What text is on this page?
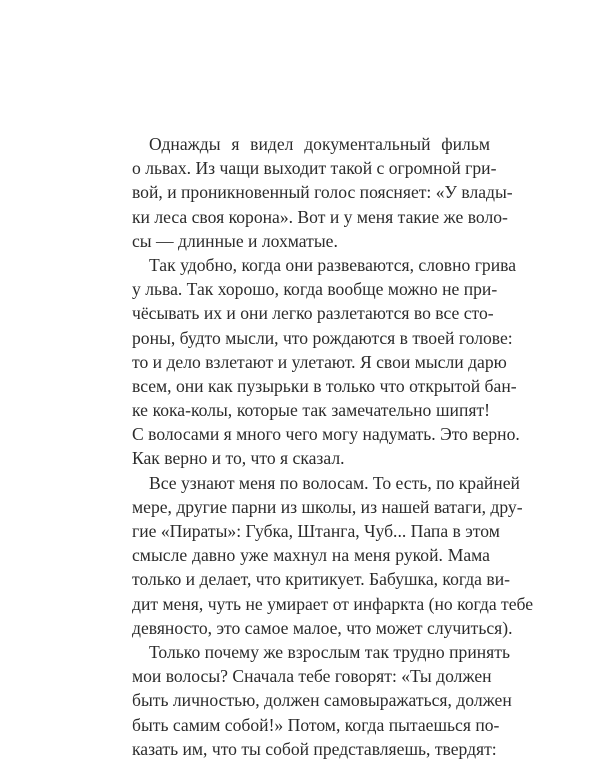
Однажды я видел документальный фильм
о львах. Из чащи выходит такой с огромной гри-
вой, и проникновенный голос поясняет: «У влады-
ки леса своя корона». Вот и у меня такие же воло-
сы — длинные и лохматые.
Так удобно, когда они развеваются, словно грива
у льва. Так хорошо, когда вообще можно не при-
чёсывать их и они легко разлетаются во все сто-
роны, будто мысли, что рождаются в твоей голове:
то и дело взлетают и улетают. Я свои мысли дарю
всем, они как пузырьки в только что открытой бан-
ке кока-колы, которые так замечательно шипят!
С волосами я много чего могу надумать. Это верно.
Как верно и то, что я сказал.
Все узнают меня по волосам. То есть, по крайней
мере, другие парни из школы, из нашей ватаги, дру-
гие «Пираты»: Губка, Штанга, Чуб... Папа в этом
смысле давно уже махнул на меня рукой. Мама
только и делает, что критикует. Бабушка, когда ви-
дит меня, чуть не умирает от инфаркта (но когда тебе
девяносто, это самое малое, что может случиться).
Только почему же взрослым так трудно принять
мои волосы? Сначала тебе говорят: «Ты должен
быть личностью, должен самовыражаться, должен
быть самим собой!» Потом, когда пытаешься по-
казать им, что ты собой представляешь, твердят:
